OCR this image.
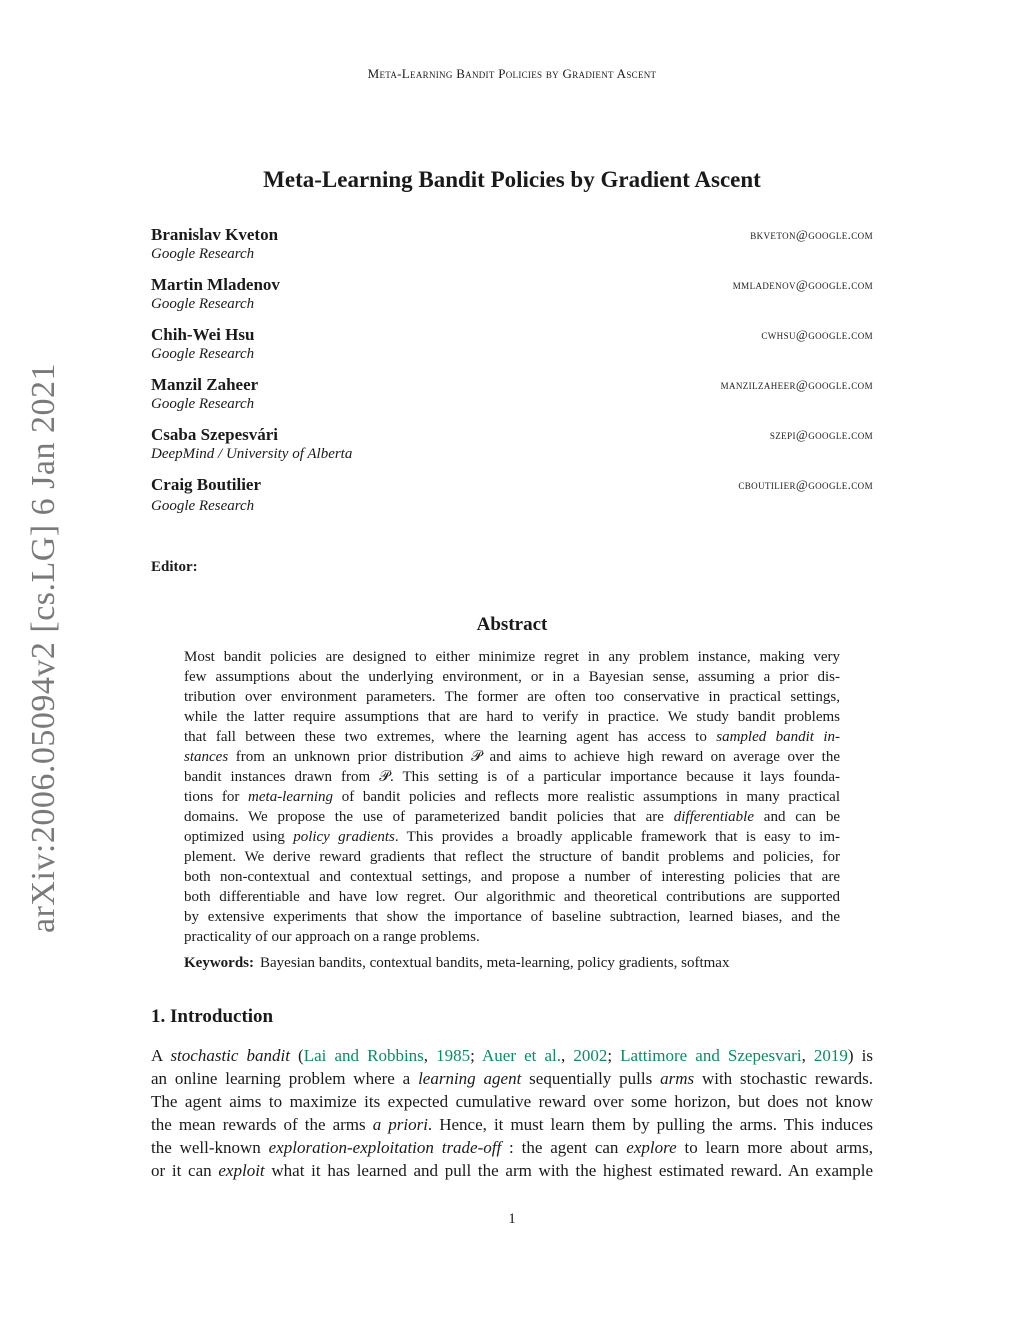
Meta-Learning Bandit Policies by Gradient Ascent
arXiv:2006.05094v2 [cs.LG] 6 Jan 2021
Meta-Learning Bandit Policies by Gradient Ascent
Branislav Kveton
Google Research
bkveton@google.com
Martin Mladenov
Google Research
mmladenov@google.com
Chih-Wei Hsu
Google Research
cwhsu@google.com
Manzil Zaheer
Google Research
manzilzaheer@google.com
Csaba Szepesvári
DeepMind / University of Alberta
szepi@google.com
Craig Boutilier
Google Research
cboutilier@google.com
Editor:
Abstract
Most bandit policies are designed to either minimize regret in any problem instance, making very
few assumptions about the underlying environment, or in a Bayesian sense, assuming a prior dis-
tribution over environment parameters. The former are often too conservative in practical settings,
while the latter require assumptions that are hard to verify in practice. We study bandit problems
that fall between these two extremes, where the learning agent has access to sampled bandit in-
stances from an unknown prior distribution 𝒫 and aims to achieve high reward on average over the
bandit instances drawn from 𝒫. This setting is of a particular importance because it lays founda-
tions for meta-learning of bandit policies and reflects more realistic assumptions in many practical
domains. We propose the use of parameterized bandit policies that are differentiable and can be
optimized using policy gradients. This provides a broadly applicable framework that is easy to im-
plement. We derive reward gradients that reflect the structure of bandit problems and policies, for
both non-contextual and contextual settings, and propose a number of interesting policies that are
both differentiable and have low regret. Our algorithmic and theoretical contributions are supported
by extensive experiments that show the importance of baseline subtraction, learned biases, and the
practicality of our approach on a range problems.
Keywords: Bayesian bandits, contextual bandits, meta-learning, policy gradients, softmax
1. Introduction
A stochastic bandit (Lai and Robbins, 1985; Auer et al., 2002; Lattimore and Szepesvari, 2019) is
an online learning problem where a learning agent sequentially pulls arms with stochastic rewards.
The agent aims to maximize its expected cumulative reward over some horizon, but does not know
the mean rewards of the arms a priori. Hence, it must learn them by pulling the arms. This induces
the well-known exploration-exploitation trade-off : the agent can explore to learn more about arms,
or it can exploit what it has learned and pull the arm with the highest estimated reward. An example
1
